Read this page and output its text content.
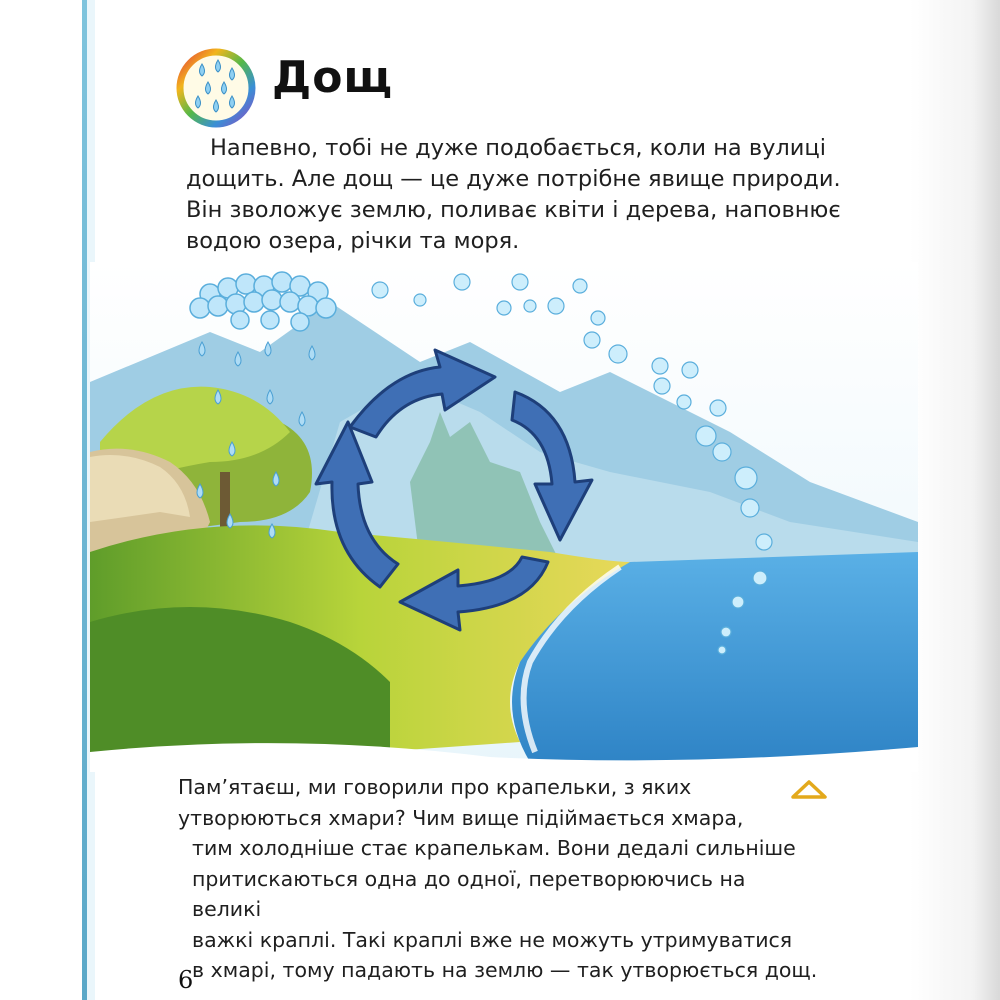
Дощ

Напевно, тобі не дуже подобається, коли на вулиці дощить. Але дощ — це дуже потрібне явище природи. Він зволожує землю, поливає квіти і дерева, наповнює водою озера, річки та моря.

Пам’ятаєш, ми говорили про крапельки, з яких
утворюються хмари? Чим вище підіймається хмара,
тим холодніше стає крапелькам. Вони дедалі сильніше
притискаються одна до одної, перетворюючись на великі
важкі краплі. Такі краплі вже не можуть утримуватися
в хмарі, тому падають на землю — так утворюється дощ.

6
